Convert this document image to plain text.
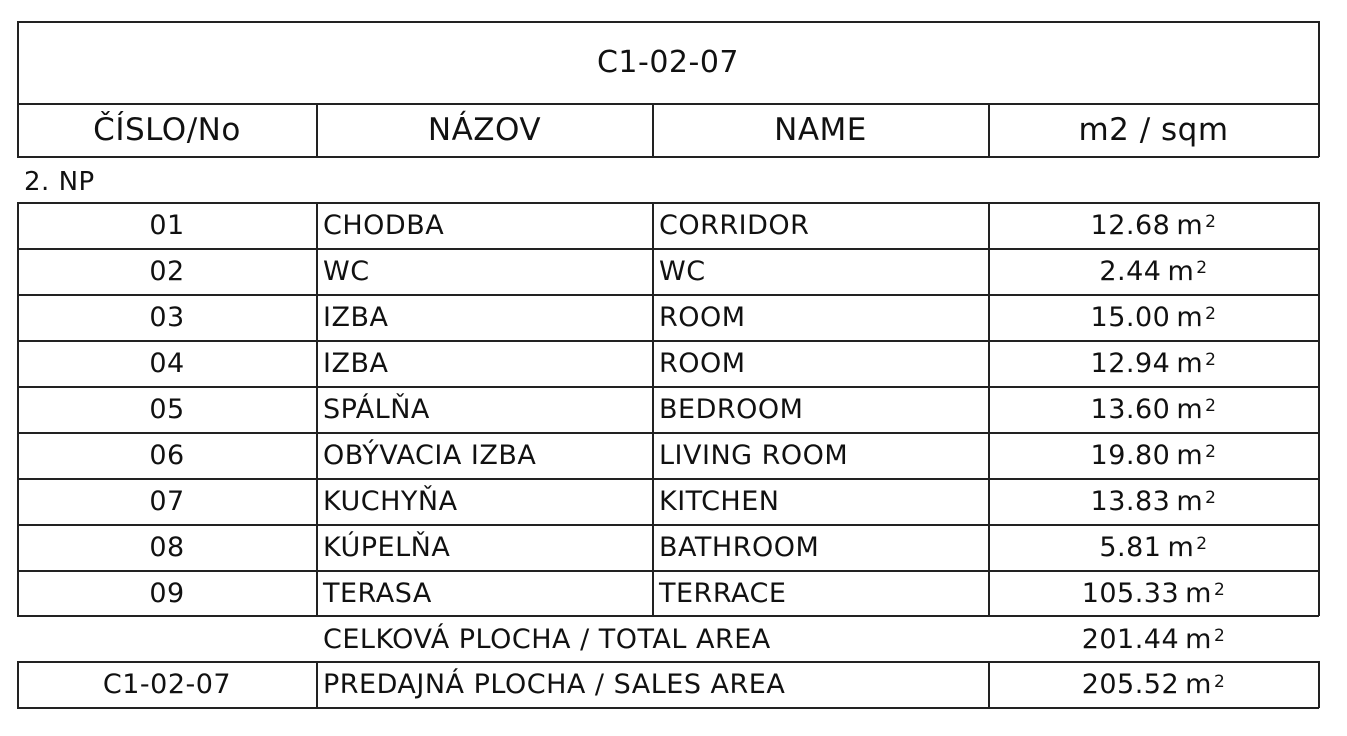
C1-02-07
ČÍSLO/No	NÁZOV	NAME	m2 / sqm
2. NP
01	CHODBA	CORRIDOR	12.68 $m^2$
02	WC	WC	2.44 $m^2$
03	IZBA	ROOM	15.00 $m^2$
04	IZBA	ROOM	12.94 $m^2$
05	SPÁLŇA	BEDROOM	13.60 $m^2$
06	OBÝVACIA IZBA	LIVING ROOM	19.80 $m^2$
07	KUCHYŇA	KITCHEN	13.83 $m^2$
08	KÚPELŇA	BATHROOM	5.81 $m^2$
09	TERASA	TERRACE	105.33 $m^2$
CELKOVÁ PLOCHA / TOTAL AREA	201.44 $m^2$
C1-02-07	PREDAJNÁ PLOCHA / SALES AREA	205.52 $m^2$
